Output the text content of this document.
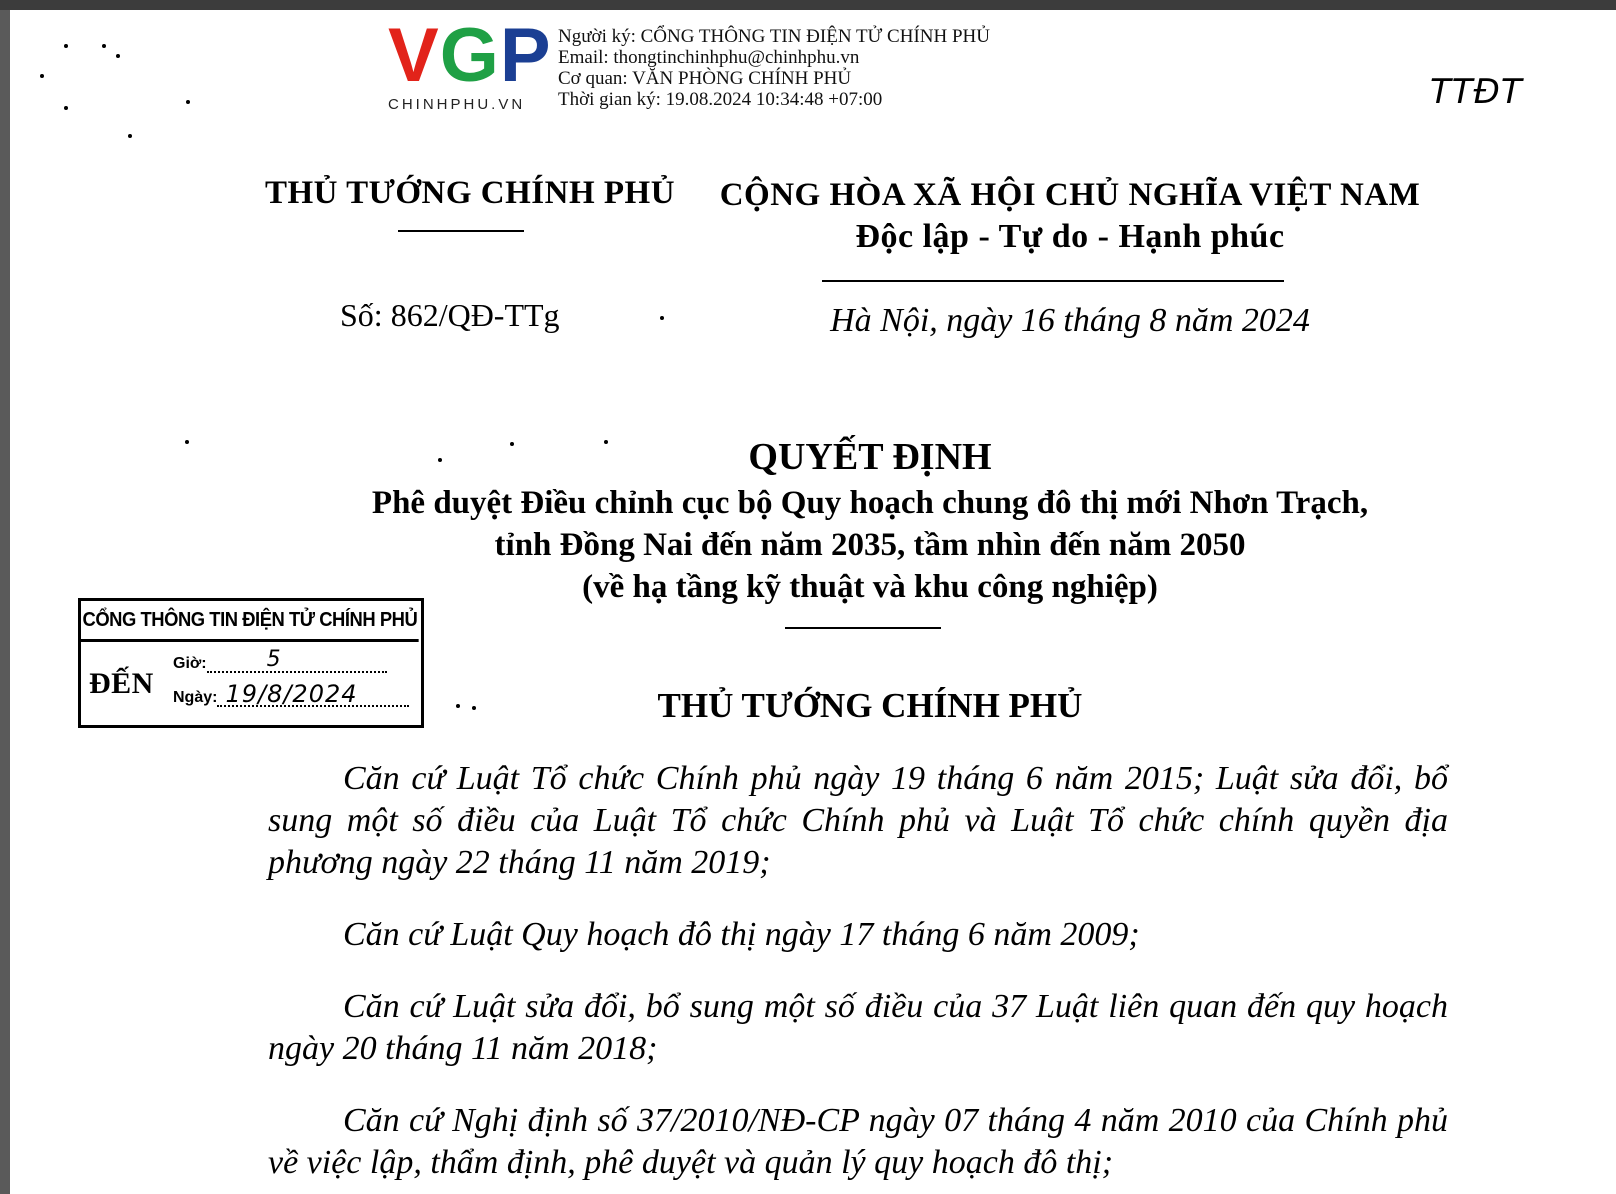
V G P
CHINHPHU.VN
Người ký: CỔNG THÔNG TIN ĐIỆN TỬ CHÍNH PHỦ
Email: thongtinchinhphu@chinhphu.vn
Cơ quan: VĂN PHÒNG CHÍNH PHỦ
Thời gian ký: 19.08.2024 10:34:48 +07:00	TTĐT
THỦ TƯỚNG CHÍNH PHỦ	CỘNG HÒA XÃ HỘI CHỦ NGHĨA VIỆT NAM
Độc lập - Tự do - Hạnh phúc
Số: 862/QĐ-TTg	Hà Nội, ngày 16 tháng 8 năm 2024
QUYẾT ĐỊNH
Phê duyệt Điều chỉnh cục bộ Quy hoạch chung đô thị mới Nhơn Trạch,
tỉnh Đồng Nai đến năm 2035, tầm nhìn đến năm 2050
(về hạ tầng kỹ thuật và khu công nghiệp)
CỔNG THÔNG TIN ĐIỆN TỬ CHÍNH PHỦ
ĐẾN
Giờ:	5
Ngày: 19/8/2024	THỦ TƯỚNG CHÍNH PHỦ

Căn cứ Luật Tổ chức Chính phủ ngày 19 tháng 6 năm 2015; Luật sửa đổi, bổ sung một số điều của Luật Tổ chức Chính phủ và Luật Tổ chức chính quyền địa phương ngày 22 tháng 11 năm 2019;

Căn cứ Luật Quy hoạch đô thị ngày 17 tháng 6 năm 2009;

Căn cứ Luật sửa đổi, bổ sung một số điều của 37 Luật liên quan đến quy hoạch ngày 20 tháng 11 năm 2018;

Căn cứ Nghị định số 37/2010/NĐ-CP ngày 07 tháng 4 năm 2010 của Chính phủ về việc lập, thẩm định, phê duyệt và quản lý quy hoạch đô thị;
